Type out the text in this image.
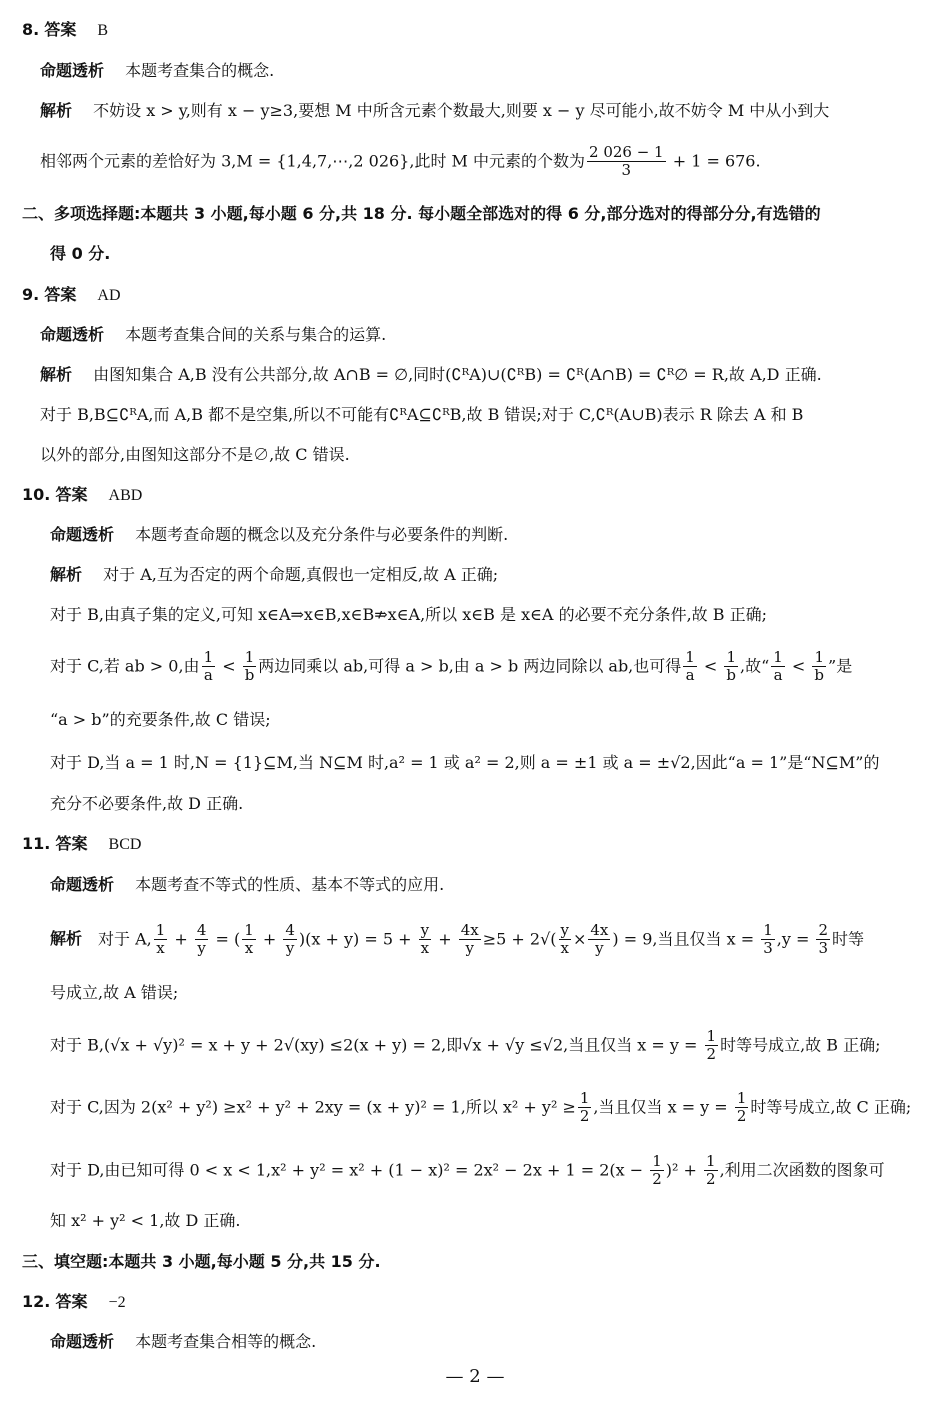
8. 答案 B
命题透析 本题考查集合的概念.
解析 不妨设 x > y,则有 x − y≥3,要想 M 中所含元素个数最大,则要 x − y 尽可能小,故不妨令 M 中从小到大
相邻两个元素的差恰好为 3,M = {1,4,7,⋯,2 026},此时 M 中元素的个数为 $\frac{2 026 - 1}{3} + 1 = 676$.
二、多项选择题:本题共 3 小题,每小题 6 分,共 18 分. 每小题全部选对的得 6 分,部分选对的得部分分,有选错的
得 0 分.
9. 答案 AD
命题透析 本题考查集合间的关系与集合的运算.
解析 由图知集合 A,B 没有公共部分,故 A∩B = ∅,同时(∁ᴿA)∪(∁ᴿB) = ∁ᴿ(A∩B) = ∁ᴿ∅ = R,故 A,D 正确.
对于 B,B⊆∁ᴿA,而 A,B 都不是空集,所以不可能有∁ᴿA⊆∁ᴿB,故 B 错误;对于 C,∁ᴿ(A∪B)表示 R 除去 A 和 B
以外的部分,由图知这部分不是∅,故 C 错误.
10. 答案 ABD
命题透析 本题考查命题的概念以及充分条件与必要条件的判断.
解析 对于 A,互为否定的两个命题,真假也一定相反,故 A 正确;
对于 B,由真子集的定义,可知 x∈A⇒x∈B,x∈B⇏x∈A,所以 x∈B 是 x∈A 的必要不充分条件,故 B 正确;
对于 C,若 ab > 0,由 $\frac{1}{a} < \frac{1}{b}$ 两边同乘以 ab,可得 a > b,由 a > b 两边同除以 ab,也可得 $\frac{1}{a} < \frac{1}{b}$ ,故“ $\frac{1}{a} < \frac{1}{b}$ ”是
“a > b”的充要条件,故 C 错误;
对于 D,当 a = 1 时,N = {1}⊆M,当 N⊆M 时,a² = 1 或 a² = 2,则 a = ±1 或 a = ±√2,因此“a = 1”是“N⊆M”的
充分不必要条件,故 D 正确.
11. 答案 BCD
命题透析 本题考查不等式的性质、基本不等式的应用.
解析 对于 A, $\frac{1}{x} + \frac{4}{y}$ = ( $\frac{1}{x} + \frac{4}{y} )(x + y) = 5 + \frac{y}{x} + \frac{4x}{y} \ge 5 + 2√( \frac{y}{x} \times \frac{4x}{y}$ ) = 9,当且仅当 $x = \frac{1}{3} ,y = \frac{2}{3}$ 时等
号成立,故 A 错误;
对于 B,(√x + √y)² = x + y + 2√(xy) ≤2(x + y) = 2,即√x + √y ≤√2,当且仅当 $x = y = \frac{1}{2}$ 时等号成立,故 B 正确;
对于 C,因为 2(x² + y²) ≥x² + y² + 2xy = (x + y)² = 1,所以 $x^2 + y^2 \ge \frac{1}{2}$ ,当且仅当 $x = y = \frac{1}{2}$ 时等号成立,故 C 正确;
对于 D,由已知可得 $0 < x < 1,x^2 + y^2 = x^2 + (1 - x)^2 = 2x^2 - 2x + 1 = 2(x - \frac{1}{2} )^2 + \frac{1}{2}$ ,利用二次函数的图象可
知 x² + y² < 1,故 D 正确.
三、填空题:本题共 3 小题,每小题 5 分,共 15 分.
12. 答案 −2
命题透析 本题考查集合相等的概念.
— 2 —
